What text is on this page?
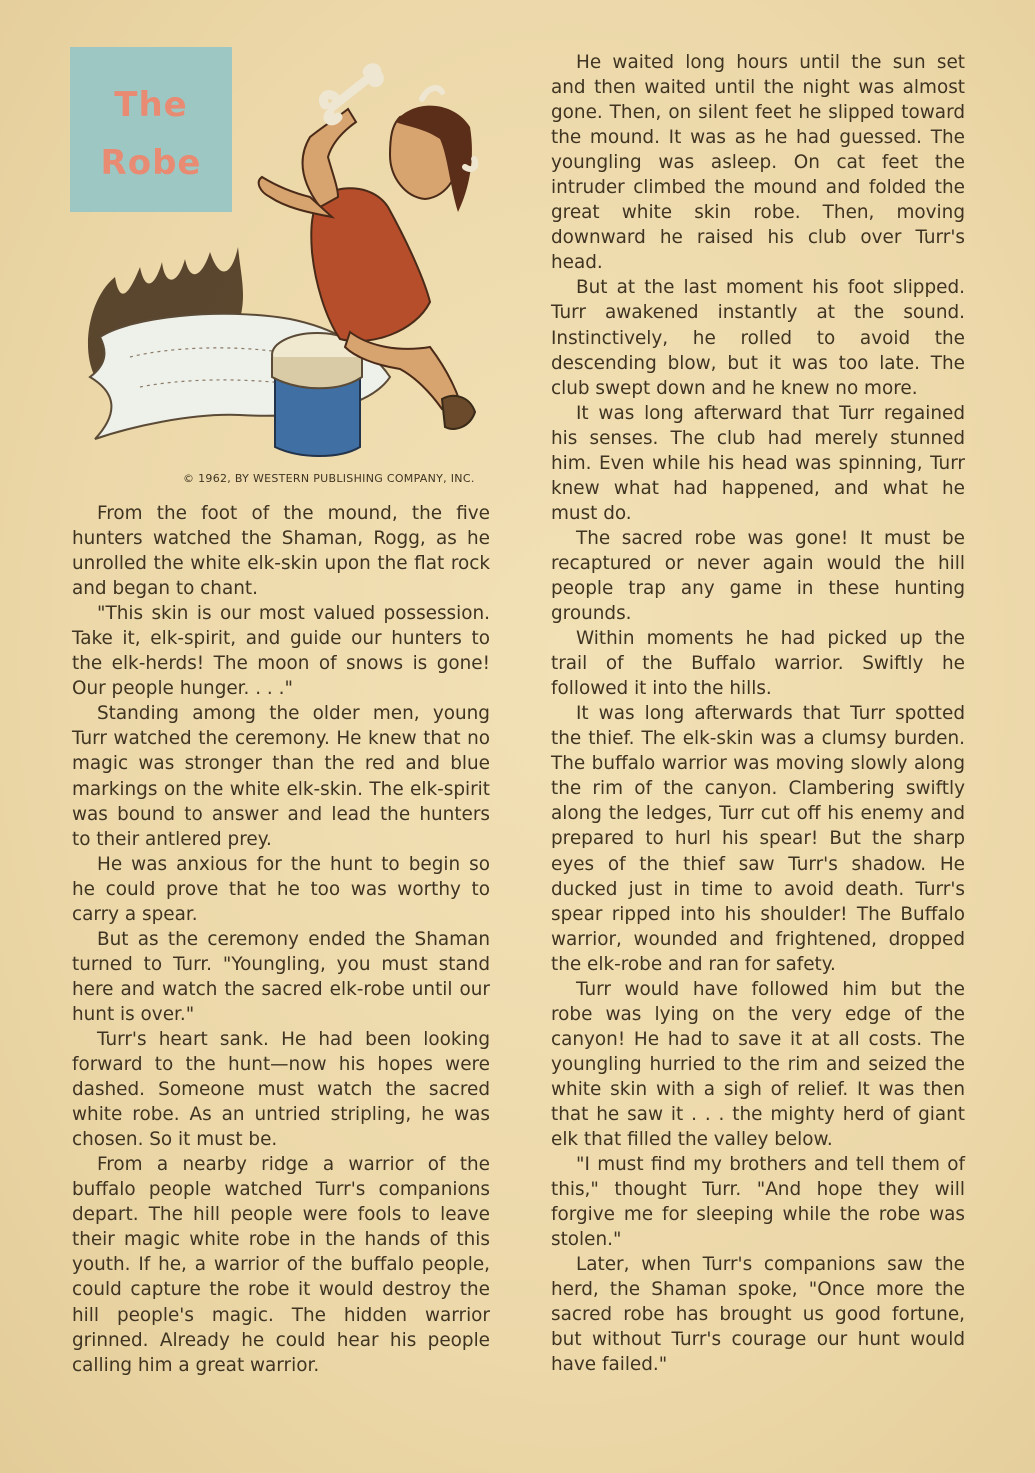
The
Robe
© 1962, BY WESTERN PUBLISHING COMPANY, INC.

From the foot of the mound, the five hunters watched the Shaman, Rogg, as he unrolled the white elk-skin upon the flat rock and began to chant.

"This skin is our most valued possession. Take it, elk-spirit, and guide our hunters to the elk-herds! The moon of snows is gone! Our people hunger. . . ."

Standing among the older men, young Turr watched the ceremony. He knew that no magic was stronger than the red and blue markings on the white elk-skin. The elk-spirit was bound to answer and lead the hunters to their antlered prey.

He was anxious for the hunt to begin so he could prove that he too was worthy to carry a spear.

But as the ceremony ended the Shaman turned to Turr. "Youngling, you must stand here and watch the sacred elk-robe until our hunt is over."

Turr's heart sank. He had been looking forward to the hunt—now his hopes were dashed. Someone must watch the sacred white robe. As an untried stripling, he was chosen. So it must be.

From a nearby ridge a warrior of the buffalo people watched Turr's companions depart. The hill people were fools to leave their magic white robe in the hands of this youth. If he, a warrior of the buffalo people, could capture the robe it would destroy the hill people's magic. The hidden warrior grinned. Already he could hear his people calling him a great warrior.

He waited long hours until the sun set and then waited until the night was almost gone. Then, on silent feet he slipped toward the mound. It was as he had guessed. The youngling was asleep. On cat feet the intruder climbed the mound and folded the great white skin robe. Then, moving downward he raised his club over Turr's head.

But at the last moment his foot slipped. Turr awakened instantly at the sound. Instinctively, he rolled to avoid the descending blow, but it was too late. The club swept down and he knew no more.

It was long afterward that Turr regained his senses. The club had merely stunned him. Even while his head was spinning, Turr knew what had happened, and what he must do.

The sacred robe was gone! It must be recaptured or never again would the hill people trap any game in these hunting grounds.

Within moments he had picked up the trail of the Buffalo warrior. Swiftly he followed it into the hills.

It was long afterwards that Turr spotted the thief. The elk-skin was a clumsy burden. The buffalo warrior was moving slowly along the rim of the canyon. Clambering swiftly along the ledges, Turr cut off his enemy and prepared to hurl his spear! But the sharp eyes of the thief saw Turr's shadow. He ducked just in time to avoid death. Turr's spear ripped into his shoulder! The Buffalo warrior, wounded and frightened, dropped the elk-robe and ran for safety.

Turr would have followed him but the robe was lying on the very edge of the canyon! He had to save it at all costs. The youngling hurried to the rim and seized the white skin with a sigh of relief. It was then that he saw it . . . the mighty herd of giant elk that filled the valley below.

"I must find my brothers and tell them of this," thought Turr. "And hope they will forgive me for sleeping while the robe was stolen."

Later, when Turr's companions saw the herd, the Shaman spoke, "Once more the sacred robe has brought us good fortune, but without Turr's courage our hunt would have failed."
